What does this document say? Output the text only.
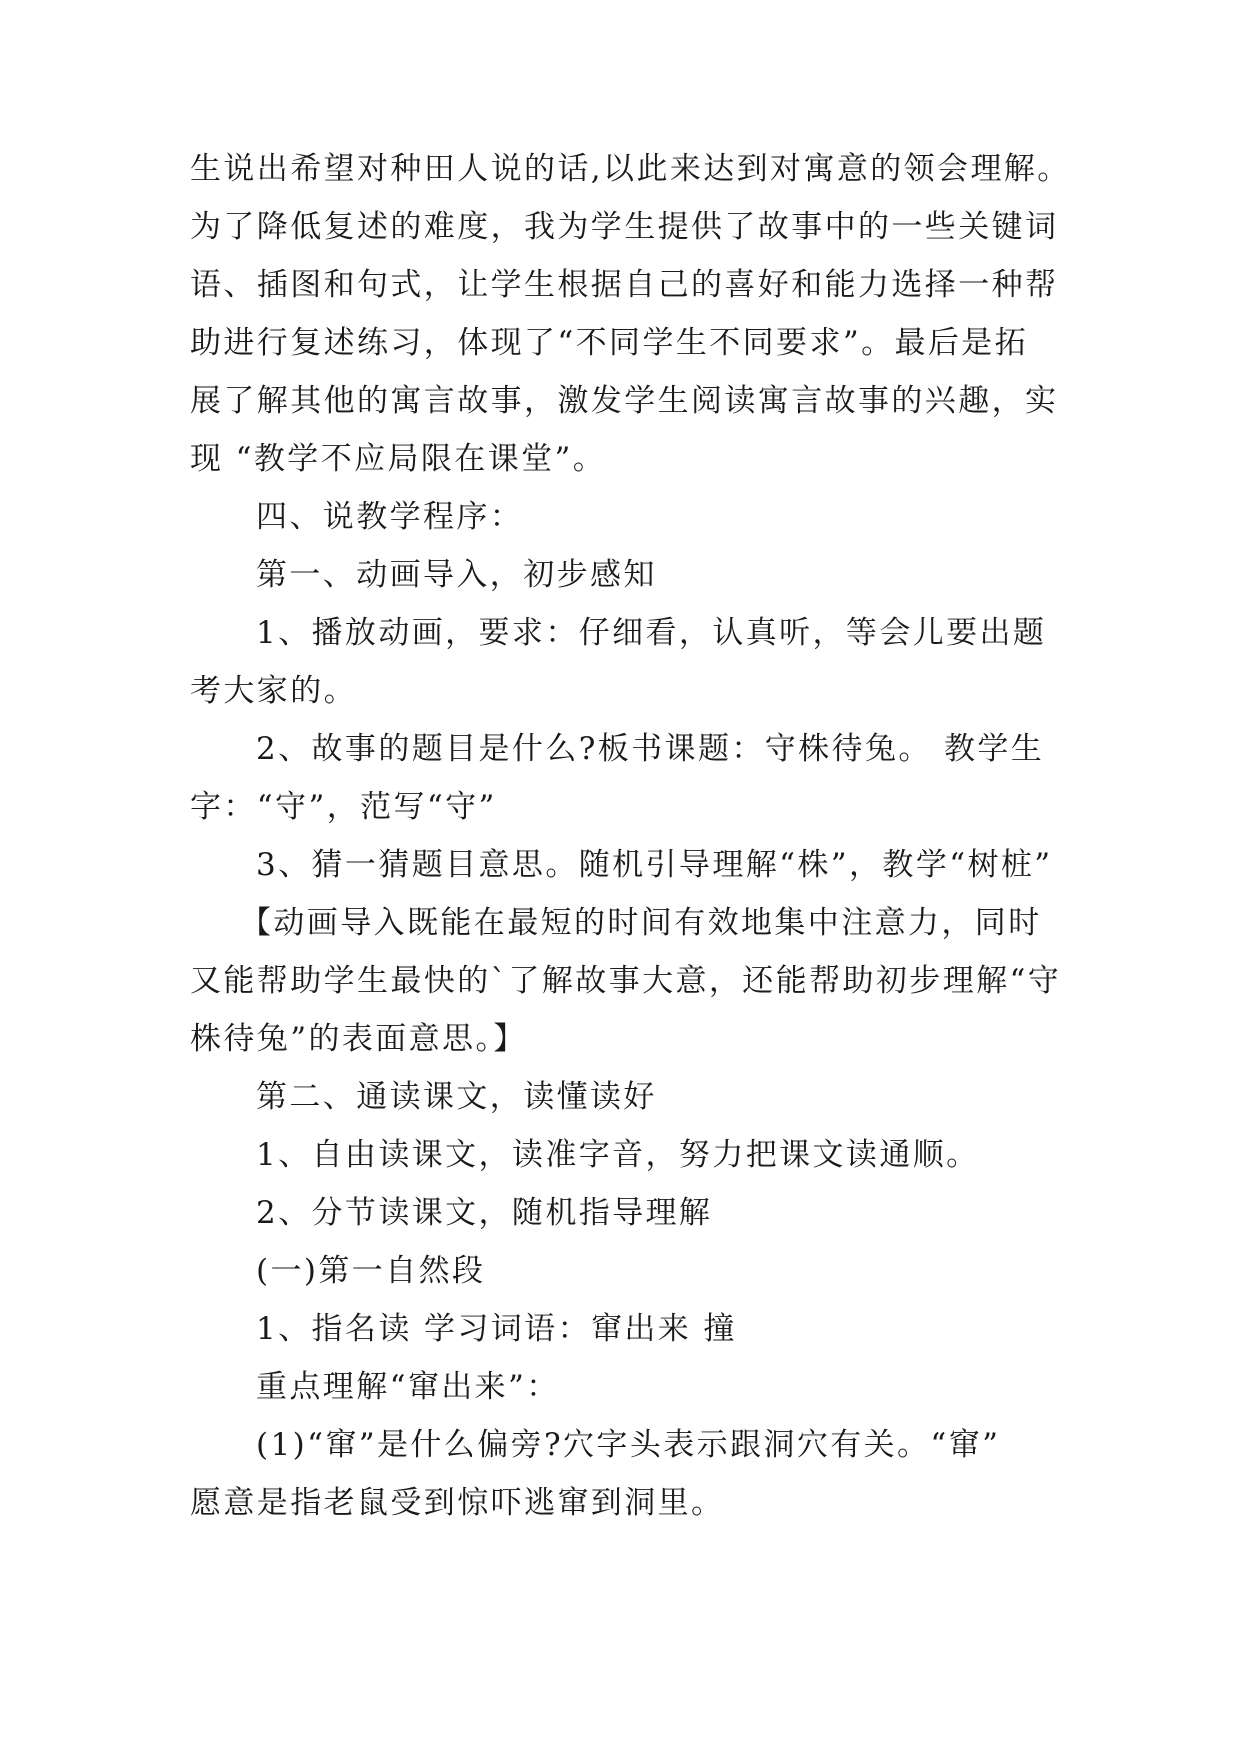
生说出希望对种田人说的话,以此来达到对寓意的领会理解。
为了降低复述的难度，我为学生提供了故事中的一些关键词
语、插图和句式，让学生根据自己的喜好和能力选择一种帮
助进行复述练习，体现了“不同学生不同要求”。最后是拓
展了解其他的寓言故事，激发学生阅读寓言故事的兴趣，实
现 “教学不应局限在课堂”。
四、说教学程序：
第一、动画导入，初步感知
1、播放动画，要求：仔细看，认真听，等会儿要出题
考大家的。
2、故事的题目是什么?板书课题：守株待兔。 教学生
字：“守”，范写“守”
3、猜一猜题目意思。随机引导理解“株”，教学“树桩”
【动画导入既能在最短的时间有效地集中注意力，同时
又能帮助学生最快的`了解故事大意，还能帮助初步理解“守
株待兔”的表面意思。】
第二、通读课文，读懂读好
1、自由读课文，读准字音，努力把课文读通顺。
2、分节读课文，随机指导理解
(一)第一自然段
1、指名读 学习词语：窜出来 撞
重点理解“窜出来”：
(1)“窜”是什么偏旁?穴字头表示跟洞穴有关。“窜”
愿意是指老鼠受到惊吓逃窜到洞里。
